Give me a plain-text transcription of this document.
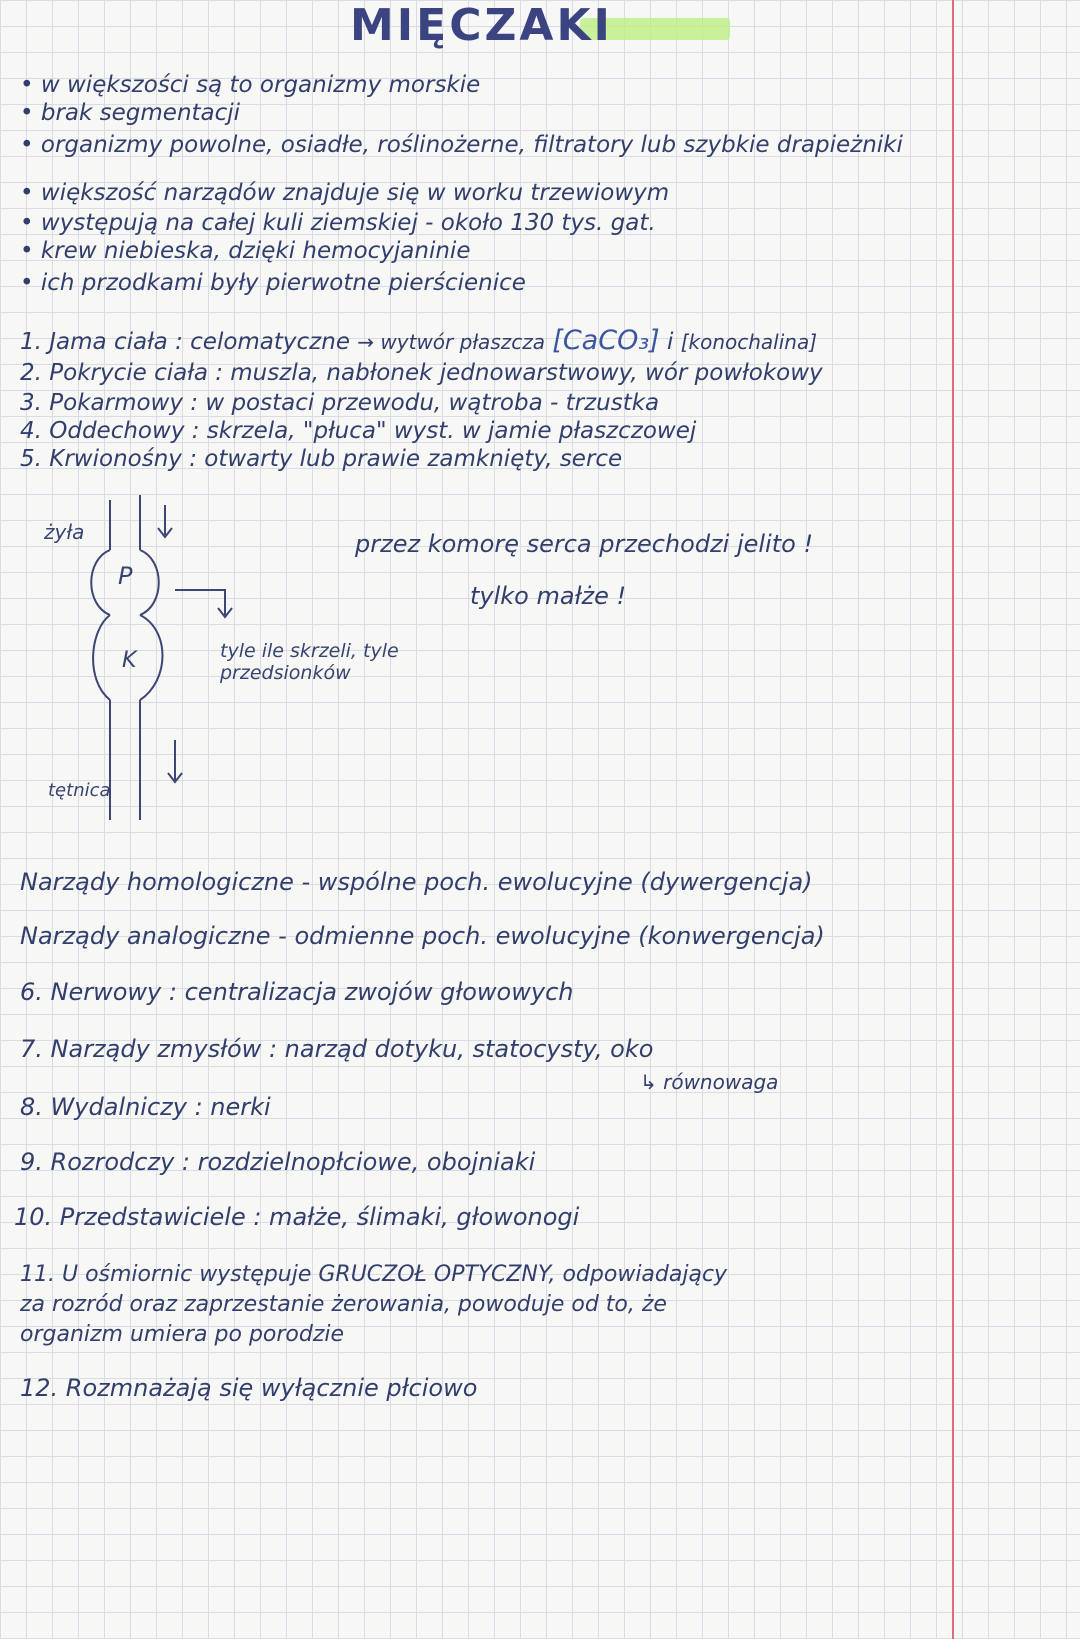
MIĘCZAKI
• w większości są to organizmy morskie
• brak segmentacji
• organizmy powolne, osiadłe, roślinożerne, filtratory lub szybkie drapieżniki
• większość narządów znajduje się w worku trzewiowym
• występują na całej kuli ziemskiej - około 130 tys. gat.
• krew niebieska, dzięki hemocyjaninie
• ich przodkami były pierwotne pierścienice
1. Jama ciała : celomatyczne → wytwór płaszcza [CaCO₃] i [konochalina]
2. Pokrycie ciała : muszla, nabłonek jednowarstwowy, wór powłokowy
3. Pokarmowy : w postaci przewodu, wątroba - trzustka
4. Oddechowy : skrzela, "płuca" wyst. w jamie płaszczowej
5. Krwionośny : otwarty lub prawie zamknięty, serce
żyła
P
K
tętnica
tyle ile skrzeli, tyle przedsionków
przez komorę serca przechodzi jelito !
tylko małże !
Narządy homologiczne - wspólne poch. ewolucyjne (dywergencja)
Narządy analogiczne - odmienne poch. ewolucyjne (konwergencja)
6. Nerwowy : centralizacja zwojów głowowych
7. Narządy zmysłów : narząd dotyku, statocysty, oko
↳ równowaga
8. Wydalniczy : nerki
9. Rozrodczy : rozdzielnopłciowe, obojniaki
10. Przedstawiciele : małże, ślimaki, głowonogi
11. U ośmiornic występuje GRUCZOŁ OPTYCZNY, odpowiadający
za rozród oraz zaprzestanie żerowania, powoduje od to, że
organizm umiera po porodzie
12. Rozmnażają się wyłącznie płciowo
